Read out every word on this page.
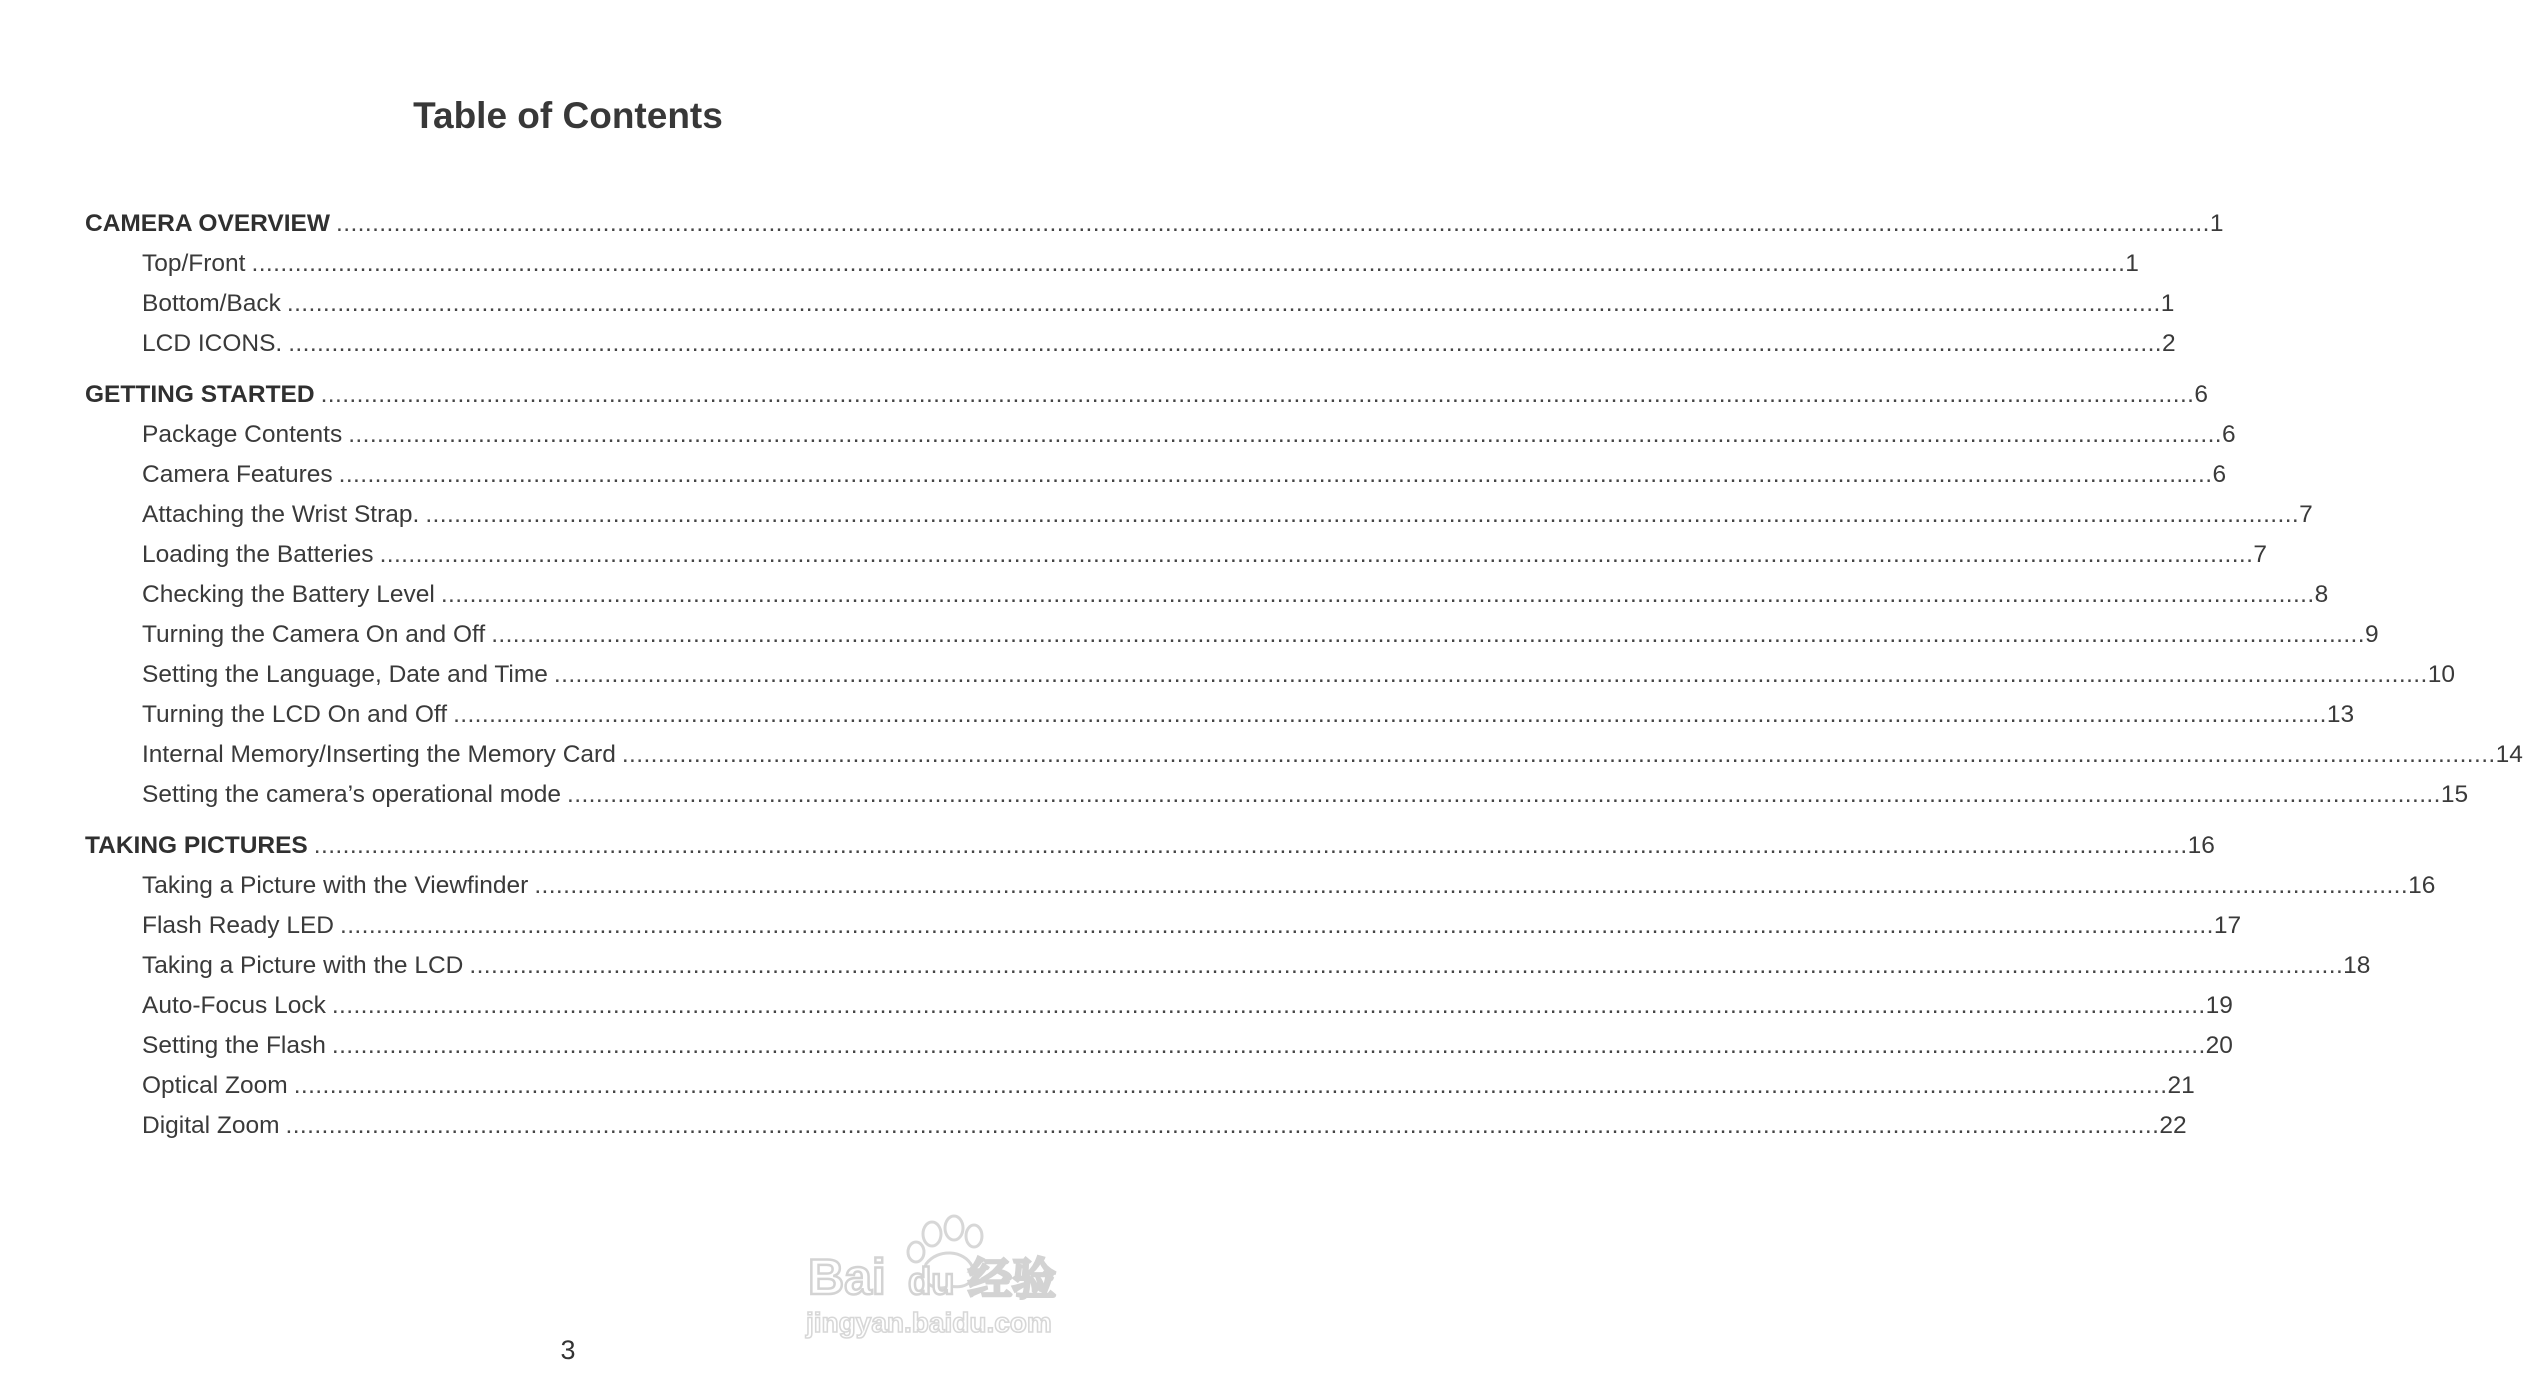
Table of Contents
CAMERA OVERVIEW .................................................................................................................................................................................................................................................................... 1
Top/Front .................................................................................................................................................................................................................................................................... 1
Bottom/Back .................................................................................................................................................................................................................................................................... 1
LCD ICONS. .................................................................................................................................................................................................................................................................... 2
GETTING STARTED .................................................................................................................................................................................................................................................................... 6
Package Contents .................................................................................................................................................................................................................................................................... 6
Camera Features .................................................................................................................................................................................................................................................................... 6
Attaching the Wrist Strap. .................................................................................................................................................................................................................................................................... 7
Loading the Batteries .................................................................................................................................................................................................................................................................... 7
Checking the Battery Level .................................................................................................................................................................................................................................................................... 8
Turning the Camera On and Off .................................................................................................................................................................................................................................................................... 9
Setting the Language, Date and Time .................................................................................................................................................................................................................................................................... 10
Turning the LCD On and Off .................................................................................................................................................................................................................................................................... 13
Internal Memory/Inserting the Memory Card .................................................................................................................................................................................................................................................................... 14
Setting the camera’s operational mode .................................................................................................................................................................................................................................................................... 15
TAKING PICTURES .................................................................................................................................................................................................................................................................... 16
Taking a Picture with the Viewfinder .................................................................................................................................................................................................................................................................... 16
Flash Ready LED .................................................................................................................................................................................................................................................................... 17
Taking a Picture with the LCD .................................................................................................................................................................................................................................................................... 18
Auto-Focus Lock .................................................................................................................................................................................................................................................................... 19
Setting the Flash .................................................................................................................................................................................................................................................................... 20
Optical Zoom .................................................................................................................................................................................................................................................................... 21
Digital Zoom .................................................................................................................................................................................................................................................................... 22
Bai du 经验
jingyan.baidu.com
3
